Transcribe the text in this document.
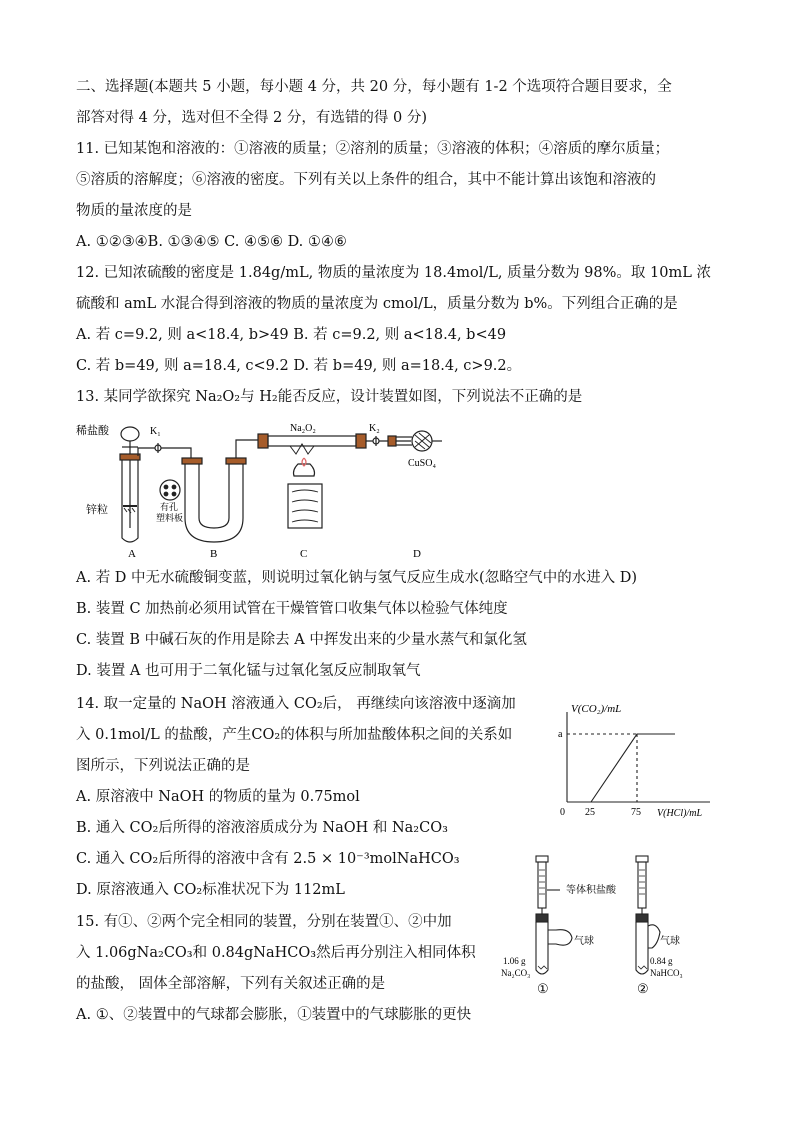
二、选择题(本题共 5 小题，每小题 4 分，共 20 分，每小题有 1-2 个选项符合题目要求，全
部答对得 4 分，选对但不全得 2 分，有选错的得 0 分)
11. 已知某饱和溶液的：①溶液的质量；②溶剂的质量；③溶液的体积；④溶质的摩尔质量；
⑤溶质的溶解度；⑥溶液的密度。下列有关以上条件的组合，其中不能计算出该饱和溶液的
物质的量浓度的是
A. ①②③④B. ①③④⑤ C. ④⑤⑥ D. ①④⑥
12. 已知浓硫酸的密度是 1.84g/mL, 物质的量浓度为 18.4mol/L, 质量分数为 98%。取 10mL 浓
硫酸和 amL 水混合得到溶液的物质的量浓度为 cmol/L，质量分数为 b%。下列组合正确的是
A. 若 c=9.2, 则 a<18.4, b>49 B. 若 c=9.2, 则 a<18.4, b<49
C. 若 b=49, 则 a=18.4, c<9.2 D. 若 b=49, 则 a=18.4, c>9.2。
13. 某同学欲探究 Na₂O₂与 H₂能否反应，设计装置如图，下列说法不正确的是
稀盐酸	K₁	Na₂O₂	K₂
CuSO₄
锌粒	有孔
塑料板
A	B	C	D
A. 若 D 中无水硫酸铜变蓝，则说明过氧化钠与氢气反应生成水(忽略空气中的水进入 D)
B. 装置 C 加热前必须用试管在干燥管管口收集气体以检验气体纯度
C. 装置 B 中碱石灰的作用是除去 A 中挥发出来的少量水蒸气和氯化氢
D. 装置 A 也可用于二氧化锰与过氧化氢反应制取氧气
14. 取一定量的 NaOH 溶液通入 CO₂后， 再继续向该溶液中逐滴加
入 0.1mol/L 的盐酸，产生CO₂的体积与所加盐酸体积之间的关系如
图所示，下列说法正确的是
A. 原溶液中 NaOH 的物质的量为 0.75mol
B. 通入 CO₂后所得的溶液溶质成分为 NaOH 和 Na₂CO₃
C. 通入 CO₂后所得的溶液中含有 2.5 × 10⁻³molNaHCO₃
D. 原溶液通入 CO₂标准状况下为 112mL
V(CO₂)/mL
a
0 25	75 V(HCl)/mL
15. 有①、②两个完全相同的装置，分别在装置①、②中加
入 1.06gNa₂CO₃和 0.84gNaHCO₃然后再分别注入相同体积
的盐酸， 固体全部溶解，下列有关叙述正确的是
A. ①、②装置中的气球都会膨胀，①装置中的气球膨胀的更快
等体积盐酸
气球	气球
1.06 g
Na₂CO₃
0.84 g
NaHCO₃
①	②
